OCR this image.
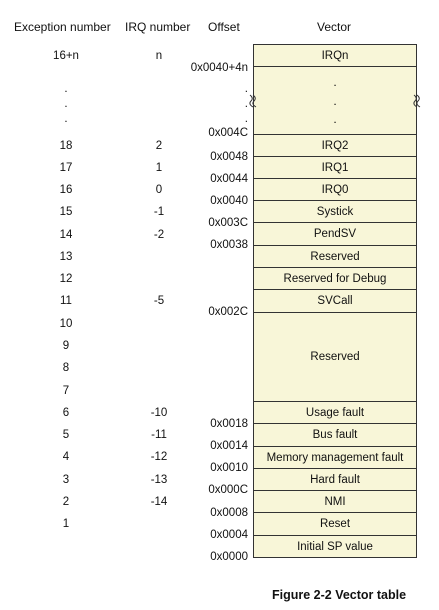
Exception number IRQ number Offset	Vector
16+n
.
.
.
18
17
16
15
14
13
12
11
10
9
8
7
6
5
4
3
2
1
n
2
1
0
-1
-2
-5
-10
-11
-12
-13
-14
0x0040+4n
.
.
.
0x004C
0x0048
0x0044
0x0040
0x003C
0x0038
0x002C
0x0018
0x0014
0x0010
0x000C
0x0008
0x0004
0x0000
IRQn
.
.
.
IRQ2
IRQ1
IRQ0
Systick
PendSV
Reserved
Reserved for Debug
SVCall
Reserved
Usage fault
Bus fault
Memory management fault
Hard fault
NMI
Reset
Initial SP value
Figure 2-2 Vector table
